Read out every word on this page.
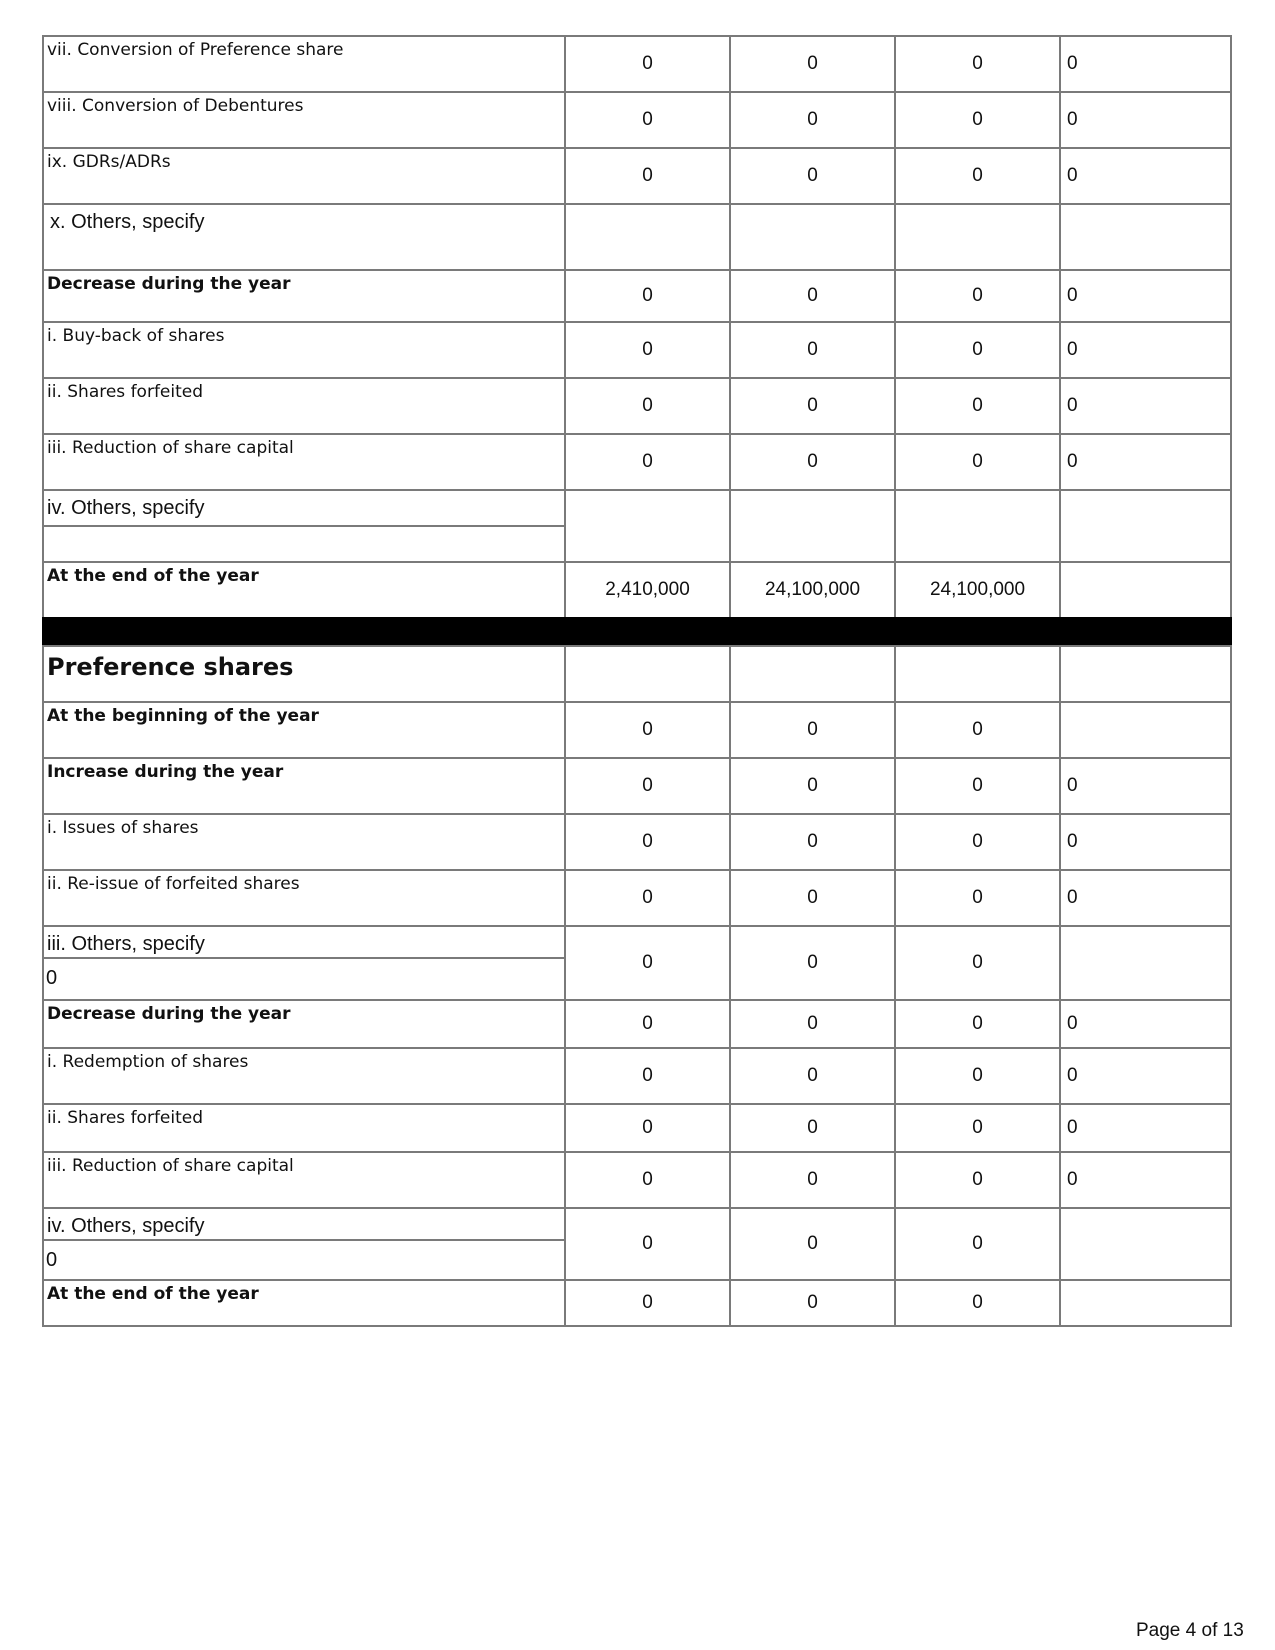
vii. Conversion of Preference share
0	0	0	0
viii. Conversion of Debentures
0	0	0	0
ix. GDRs/ADRs
0	0	0	0
x. Others, specify
Decrease during the year
0	0	0	0
i. Buy-back of shares
0	0	0	0
ii. Shares forfeited
0	0	0	0
iii. Reduction of share capital
0	0	0	0
iv. Others, specify
At the end of the year
2,410,000	24,100,000	24,100,000
Preference shares
At the beginning of the year
0	0	0
Increase during the year
0	0	0	0
i. Issues of shares
0	0	0	0
ii. Re-issue of forfeited shares
0	0	0	0
iii. Others, specify
0
0	0	0
Decrease during the year	0	0	0	0
i. Redemption of shares
0	0	0	0
ii. Shares forfeited	0	0	0	0
iii. Reduction of share capital
0	0	0	0
iv. Others, specify
0
0	0	0
At the end of the year	0	0	0
Page 4 of 13
